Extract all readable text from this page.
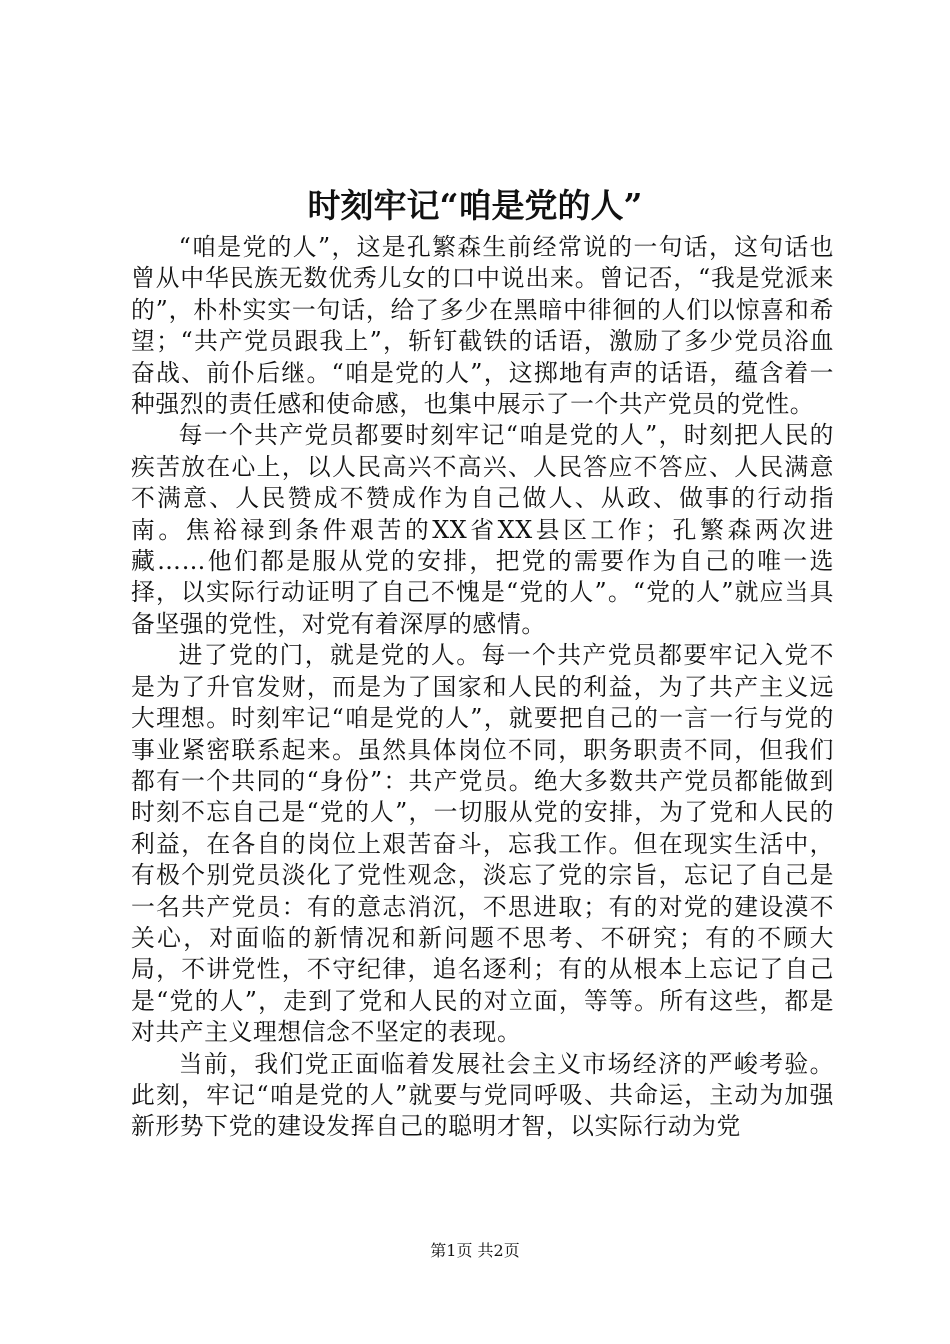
时刻牢记“咱是党的人”

“咱是党的人”，这是孔繁森生前经常说的一句话，这句话也曾从中华民族无数优秀儿女的口中说出来。曾记否，“我是党派来的”，朴朴实实一句话，给了多少在黑暗中徘徊的人们以惊喜和希望；“共产党员跟我上”，斩钉截铁的话语，激励了多少党员浴血奋战、前仆后继。“咱是党的人”，这掷地有声的话语，蕴含着一种强烈的责任感和使命感，也集中展示了一个共产党员的党性。

每一个共产党员都要时刻牢记“咱是党的人”，时刻把人民的疾苦放在心上，以人民高兴不高兴、人民答应不答应、人民满意不满意、人民赞成不赞成作为自己做人、从政、做事的行动指南。焦裕禄到条件艰苦的XX省XX县区工作；孔繁森两次进藏……他们都是服从党的安排，把党的需要作为自己的唯一选择，以实际行动证明了自己不愧是“党的人”。“党的人”就应当具备坚强的党性，对党有着深厚的感情。

进了党的门，就是党的人。每一个共产党员都要牢记入党不是为了升官发财，而是为了国家和人民的利益，为了共产主义远大理想。时刻牢记“咱是党的人”，就要把自己的一言一行与党的事业紧密联系起来。虽然具体岗位不同，职务职责不同，但我们都有一个共同的“身份”：共产党员。绝大多数共产党员都能做到时刻不忘自己是“党的人”，一切服从党的安排，为了党和人民的利益，在各自的岗位上艰苦奋斗，忘我工作。但在现实生活中，有极个别党员淡化了党性观念，淡忘了党的宗旨，忘记了自己是一名共产党员：有的意志消沉，不思进取；有的对党的建设漠不关心，对面临的新情况和新问题不思考、不研究；有的不顾大局，不讲党性，不守纪律，追名逐利；有的从根本上忘记了自己是“党的人”，走到了党和人民的对立面，等等。所有这些，都是对共产主义理想信念不坚定的表现。

当前，我们党正面临着发展社会主义市场经济的严峻考验。此刻，牢记“咱是党的人”就要与党同呼吸、共命运，主动为加强新形势下党的建设发挥自己的聪明才智，以实际行动为党

第1页 共2页
